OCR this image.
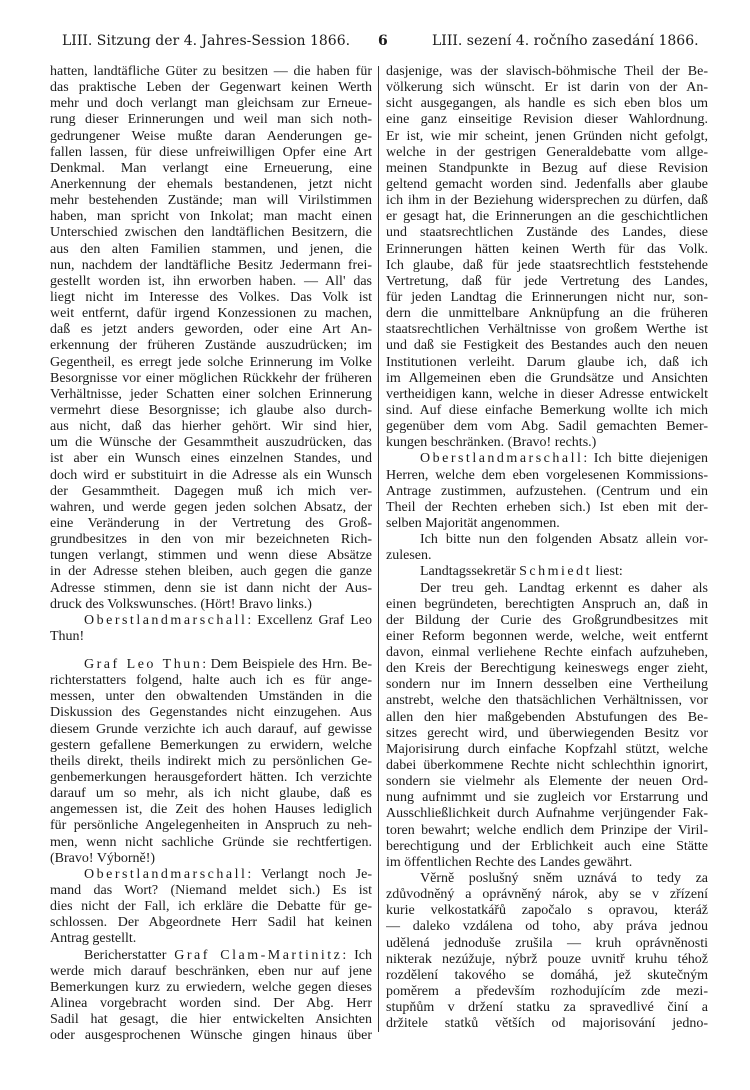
LIII. Sitzung der 4. Jahres-Session 1866. 6	LIII. sezení 4. ročního zasedání 1866.
hatten, landtäfliche Güter zu besitzen — die haben für
das praktische Leben der Gegenwart keinen Werth
mehr und doch verlangt man gleichsam zur Erneue-
rung dieser Erinnerungen und weil man sich noth-
gedrungener Weise mußte daran Aenderungen ge-
fallen lassen, für diese unfreiwilligen Opfer eine Art
Denkmal. Man verlangt eine Erneuerung, eine
Anerkennung der ehemals bestandenen, jetzt nicht
mehr bestehenden Zustände; man will Virilstimmen
haben, man spricht von Inkolat; man macht einen
Unterschied zwischen den landtäflichen Besitzern, die
aus den alten Familien stammen, und jenen, die
nun, nachdem der landtäfliche Besitz Jedermann frei-
gestellt worden ist, ihn erworben haben. — All' das
liegt nicht im Interesse des Volkes. Das Volk ist
weit entfernt, dafür irgend Konzessionen zu machen,
daß es jetzt anders geworden, oder eine Art An-
erkennung der früheren Zustände auszudrücken; im
Gegentheil, es erregt jede solche Erinnerung im Volke
Besorgnisse vor einer möglichen Rückkehr der früheren
Verhältnisse, jeder Schatten einer solchen Erinnerung
vermehrt diese Besorgnisse; ich glaube also durch-
aus nicht, daß das hierher gehört. Wir sind hier,
um die Wünsche der Gesammtheit auszudrücken, das
ist aber ein Wunsch eines einzelnen Standes, und
doch wird er substituirt in die Adresse als ein Wunsch
der Gesammtheit. Dagegen muß ich mich ver-
wahren, und werde gegen jeden solchen Absatz, der
eine Veränderung in der Vertretung des Groß-
grundbesitzes in den von mir bezeichneten Rich-
tungen verlangt, stimmen und wenn diese Absätze
in der Adresse stehen bleiben, auch gegen die ganze
Adresse stimmen, denn sie ist dann nicht der Aus-
druck des Volkswunsches. (Hört! Bravo links.)
Oberstlandmarschall: Excellenz Graf Leo
Thun!
Graf Leo Thun: Dem Beispiele des Hrn. Be-
richterstatters folgend, halte auch ich es für ange-
messen, unter den obwaltenden Umständen in die
Diskussion des Gegenstandes nicht einzugehen. Aus
diesem Grunde verzichte ich auch darauf, auf gewisse
gestern gefallene Bemerkungen zu erwidern, welche
theils direkt, theils indirekt mich zu persönlichen Ge-
genbemerkungen herausgefordert hätten. Ich verzichte
darauf um so mehr, als ich nicht glaube, daß es
angemessen ist, die Zeit des hohen Hauses lediglich
für persönliche Angelegenheiten in Anspruch zu neh-
men, wenn nicht sachliche Gründe sie rechtfertigen.
(Bravo! Výborně!)
Oberstlandmarschall: Verlangt noch Je-
mand das Wort? (Niemand meldet sich.) Es ist
dies nicht der Fall, ich erkläre die Debatte für ge-
schlossen. Der Abgeordnete Herr Sadil hat keinen
Antrag gestellt.
Bericherstatter Graf Clam-Martinitz: Ich
werde mich darauf beschränken, eben nur auf jene
Bemerkungen kurz zu erwiedern, welche gegen dieses
Alinea vorgebracht worden sind. Der Abg. Herr
Sadil hat gesagt, die hier entwickelten Ansichten
oder ausgesprochenen Wünsche gingen hinaus über
dasjenige, was der slavisch-böhmische Theil der Be-
völkerung sich wünscht. Er ist darin von der An-
sicht ausgegangen, als handle es sich eben blos um
eine ganz einseitige Revision dieser Wahlordnung.
Er ist, wie mir scheint, jenen Gründen nicht gefolgt,
welche in der gestrigen Generaldebatte vom allge-
meinen Standpunkte in Bezug auf diese Revision
geltend gemacht worden sind. Jedenfalls aber glaube
ich ihm in der Beziehung widersprechen zu dürfen, daß
er gesagt hat, die Erinnerungen an die geschichtlichen
und staatsrechtlichen Zustände des Landes, diese
Erinnerungen hätten keinen Werth für das Volk.
Ich glaube, daß für jede staatsrechtlich feststehende
Vertretung, daß für jede Vertretung des Landes,
für jeden Landtag die Erinnerungen nicht nur, son-
dern die unmittelbare Anknüpfung an die früheren
staatsrechtlichen Verhältnisse von großem Werthe ist
und daß sie Festigkeit des Bestandes auch den neuen
Institutionen verleiht. Darum glaube ich, daß ich
im Allgemeinen eben die Grundsätze und Ansichten
vertheidigen kann, welche in dieser Adresse entwickelt
sind. Auf diese einfache Bemerkung wollte ich mich
gegenüber dem vom Abg. Sadil gemachten Bemer-
kungen beschränken. (Bravo! rechts.)
Oberstlandmarschall: Ich bitte diejenigen
Herren, welche dem eben vorgelesenen Kommissions-
Antrage zustimmen, aufzustehen. (Centrum und ein
Theil der Rechten erheben sich.) Ist eben mit der-
selben Majorität angenommen.
Ich bitte nun den folgenden Absatz allein vor-
zulesen.
Landtagssekretär Schmiedt liest:
Der treu geh. Landtag erkennt es daher als
einen begründeten, berechtigten Anspruch an, daß in
der Bildung der Curie des Großgrundbesitzes mit
einer Reform begonnen werde, welche, weit entfernt
davon, einmal verliehene Rechte einfach aufzuheben,
den Kreis der Berechtigung keineswegs enger zieht,
sondern nur im Innern desselben eine Vertheilung
anstrebt, welche den thatsächlichen Verhältnissen, vor
allen den hier maßgebenden Abstufungen des Be-
sitzes gerecht wird, und überwiegenden Besitz vor
Majorisirung durch einfache Kopfzahl stützt, welche
dabei überkommene Rechte nicht schlechthin ignorirt,
sondern sie vielmehr als Elemente der neuen Ord-
nung aufnimmt und sie zugleich vor Erstarrung und
Ausschließlichkeit durch Aufnahme verjüngender Fak-
toren bewahrt; welche endlich dem Prinzipe der Viril-
berechtigung und der Erblichkeit auch eine Stätte
im öffentlichen Rechte des Landes gewährt.
Věrně poslušný sněm uznává to tedy za
zdůvodněný a oprávněný nárok, aby se v zřízení
kurie velkostatkářů započalo s opravou, kteráž
— daleko vzdálena od toho, aby práva jednou
udělená jednoduše zrušila — kruh oprávněnosti
nikterak nezúžuje, nýbrž pouze uvnitř kruhu téhož
rozdělení takového se domáhá, jež skutečným
poměrem a především rozhodujícím zde mezi-
stupňům v držení statku za spravedlivé činí a
držitele statků větších od majorisování jedno-
